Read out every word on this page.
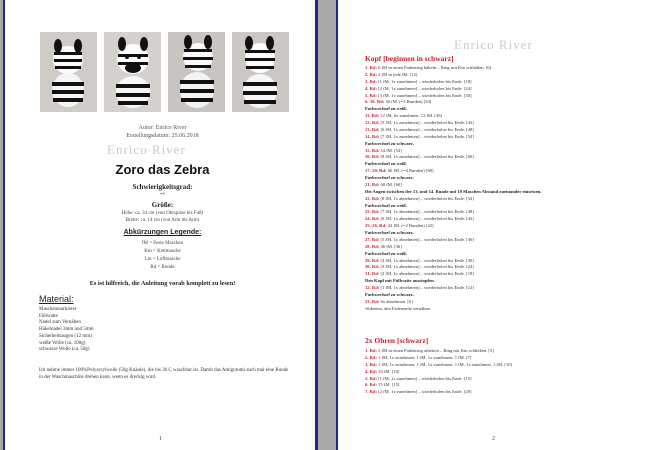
Autor: Enrico River
Erstellungsdatum: 25.06.2018
Enrico River
Zoro das Zebra
Schwierigkeitsgrad:
**
Größe:
Höhe: ca. 34 cm (von Ohrspitze bis Fuß)
Breite: ca. 14 cm (von Arm bis Arm)
Abkürzungen Legende:
fM = Feste Maschen
Km = Kettmasche
Lm = Luftmasche
Rd = Runde
Es ist hilfreich, die Anleitung vorab komplett zu lesen!
Material:
Maschenmarkierer
Füllwatte
Nadel zum Vernähen
Häkelnadel 3mm und 5mm
Sicherheitsaugen (12 mm)
weiße Wolle (ca. 100g)
schwarze Wolle (ca. 50g)
Ich nehme immer 100%Polyacrylwolle (50g Knäule), die bis 30 C waschbar ist. Damit das Amigurumi auch mal eine Runde in der Waschmaschine drehen kann, wenn es dreckig wird.
1
Enrico River
Kopf [beginnen in schwarz]
1. Rd: 6 fM in einen Fadenring häkeln – Ring mit Km schließen. [6]
2. Rd: 2 fM in jede fM. [12]
3. Rd: [1 fM, 1x zunehmen] – wiederholen bis Ende. [18]
4. Rd: [2 fM, 1x zunehmen] – wiederholen bis Ende. [24]
5. Rd: [3 fM, 1x zunehmen] – wiederholen bis Ende. [30]
6.-10. Rd: 30 fM. (=5 Runden) [30]
Farbwechsel zu weiß.
11. Rd: 12 fM, 6x zunehmen, 12 fM. [36]
12. Rd: [5 fM, 1x zunehmen] – wiederholen bis Ende. [42]
13. Rd: [6 fM, 1x zunehmen] – wiederholen bis Ende. [48]
14. Rd: [7 fM, 1x zunehmen] – wiederholen bis Ende. [54]
Farbwechsel zu schwarz.
15. Rd: 54 fM. [54]
16. Rd: [8 fM, 1x zunehmen] – wiederholen bis Ende. [60]
Farbwechsel zu weiß.
17.-20. Rd: 60 fM. (=4 Runden) [60]
Farbwechsel zu schwarz.
21. Rd: 60 fM. [60]
Die Augen zwischen der 13. und 14. Runde mit 19 Maschen Abstand zueinander einsetzen.
22. Rd: [8 fM, 1x abnehmen] – wiederholen bis Ende. [54]
Farbwechsel zu weiß.
23. Rd: [7 fM, 1x abnehmen] – wiederholen bis Ende. [48]
24. Rd: [6 fM, 1x abnehmen] – wiederholen bis Ende. [42]
25.-26. Rd: 42 fM. (=2 Runden) [42]
Farbwechsel zu schwarz.
27. Rd: [5 fM, 1x abnehmen] – wiederholen bis Ende. [36]
28. Rd: 36 fM. [36]
Farbwechsel zu weiß.
29. Rd: [4 fM, 1x abnehmen] – wiederholen bis Ende. [30]
30. Rd: [3 fM, 1x abnehmen] – wiederholen bis Ende. [24]
31. Rd: [2 fM, 1x abnehmen] – wiederholen bis Ende. [18]
Den Kopf mit Füllwatte ausstopfen.
32. Rd: [1 fM, 1x abnehmen] – wiederholen bis Ende. [12]
Farbwechsel zu schwarz.
33. Rd: 6x abnehmen. [6]
Abketten, den Fadenende vernähen.
2x Ohren [schwarz]
1. Rd: 5 fM in einen Fadenring arbeiten – Ring mit Km schließen. [5]
2. Rd: 1 fM, 1x zunehmen, 1 fM, 1x zunehmen, 1 fM. [7]
3. Rd: 1 fM, 1x zunehmen, 1 fM, 1x zunehmen, 1 fM, 1x zunehmen, 1 fM. [10]
4. Rd: 10 fM. [10]
5. Rd: [1 fM, 1x zunehmen] – wiederholen bis Ende. [15]
6. Rd: 15 fM. [15]
7. Rd: [2 fM, 1x zunehmen] – wiederholen bis Ende. [20]
2
